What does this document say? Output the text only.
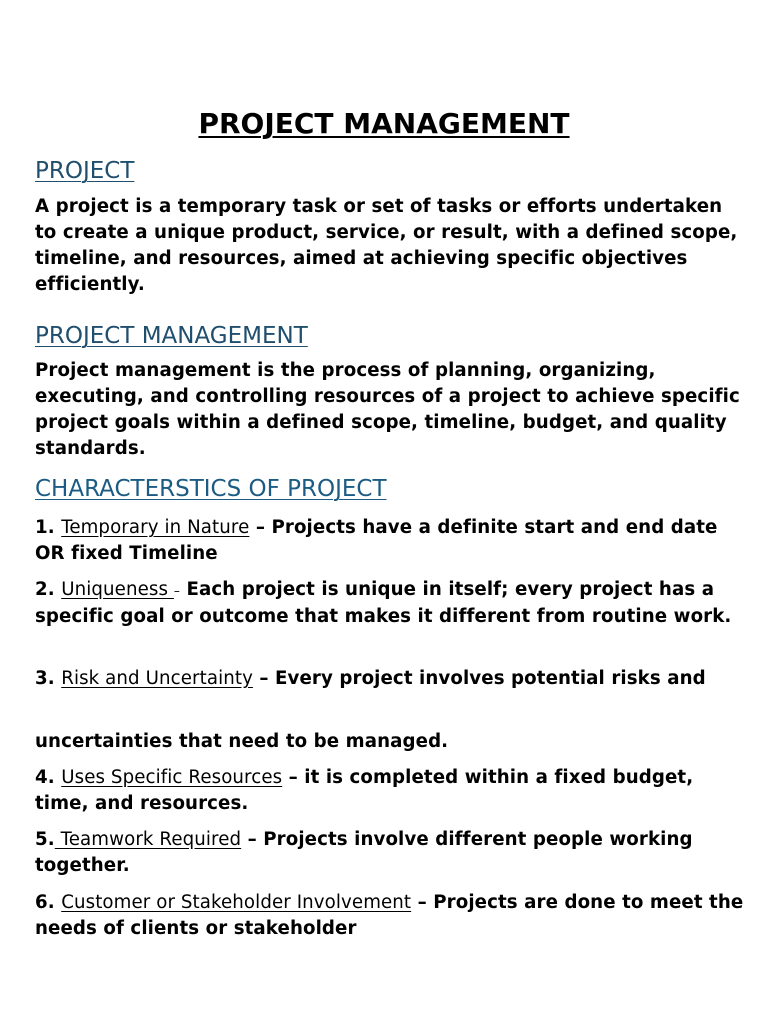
PROJECT MANAGEMENT
PROJECT

A project is a temporary task or set of tasks or efforts undertaken to create a unique product, service, or result, with a defined scope, timeline, and resources, aimed at achieving specific objectives efficiently.

PROJECT MANAGEMENT

Project management is the process of planning, organizing, executing, and controlling resources of a project to achieve specific project goals within a defined scope, timeline, budget, and quality standards.

CHARACTERSTICS OF PROJECT

1. Temporary in Nature – Projects have a definite start and end date OR fixed Timeline

2. Uniqueness – Each project is unique in itself; every project has a specific goal or outcome that makes it different from routine work.

3. Risk and Uncertainty – Every project involves potential risks and

uncertainties that need to be managed.

4. Uses Specific Resources – it is completed within a fixed budget, time, and resources.

5. Teamwork Required – Projects involve different people working together.

6. Customer or Stakeholder Involvement – Projects are done to meet the needs of clients or stakeholder
